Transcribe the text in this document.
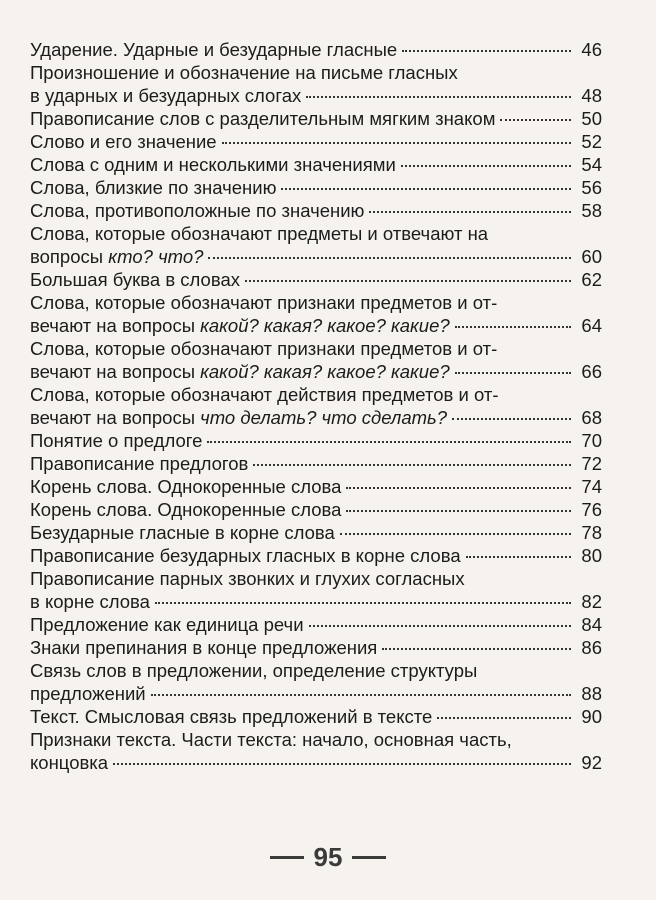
Ударение. Ударные и безударные гласные	46
Произношение и обозначение на письме гласных
в ударных и безударных слогах	48
Правописание слов с разделительным мягким знаком	50
Слово и его значение	52
Слова с одним и несколькими значениями	54
Слова, близкие по значению	56
Слова, противоположные по значению	58
Слова, которые обозначают предметы и отвечают на
вопросы кто? что?	60
Большая буква в словах	62
Слова, которые обозначают признаки предметов и от-
вечают на вопросы какой? какая? какое? какие?	64
Слова, которые обозначают признаки предметов и от-
вечают на вопросы какой? какая? какое? какие?	66
Слова, которые обозначают действия предметов и от-
вечают на вопросы что делать? что сделать?	68
Понятие о предлоге	70
Правописание предлогов	72
Корень слова. Однокоренные слова	74
Корень слова. Однокоренные слова	76
Безударные гласные в корне слова	78
Правописание безударных гласных в корне слова	80
Правописание парных звонких и глухих согласных
в корне слова	82
Предложение как единица речи	84
Знаки препинания в конце предложения	86
Связь слов в предложении, определение структуры
предложений	88
Текст. Смысловая связь предложений в тексте	90
Признаки текста. Части текста: начало, основная часть,
концовка	92
95
